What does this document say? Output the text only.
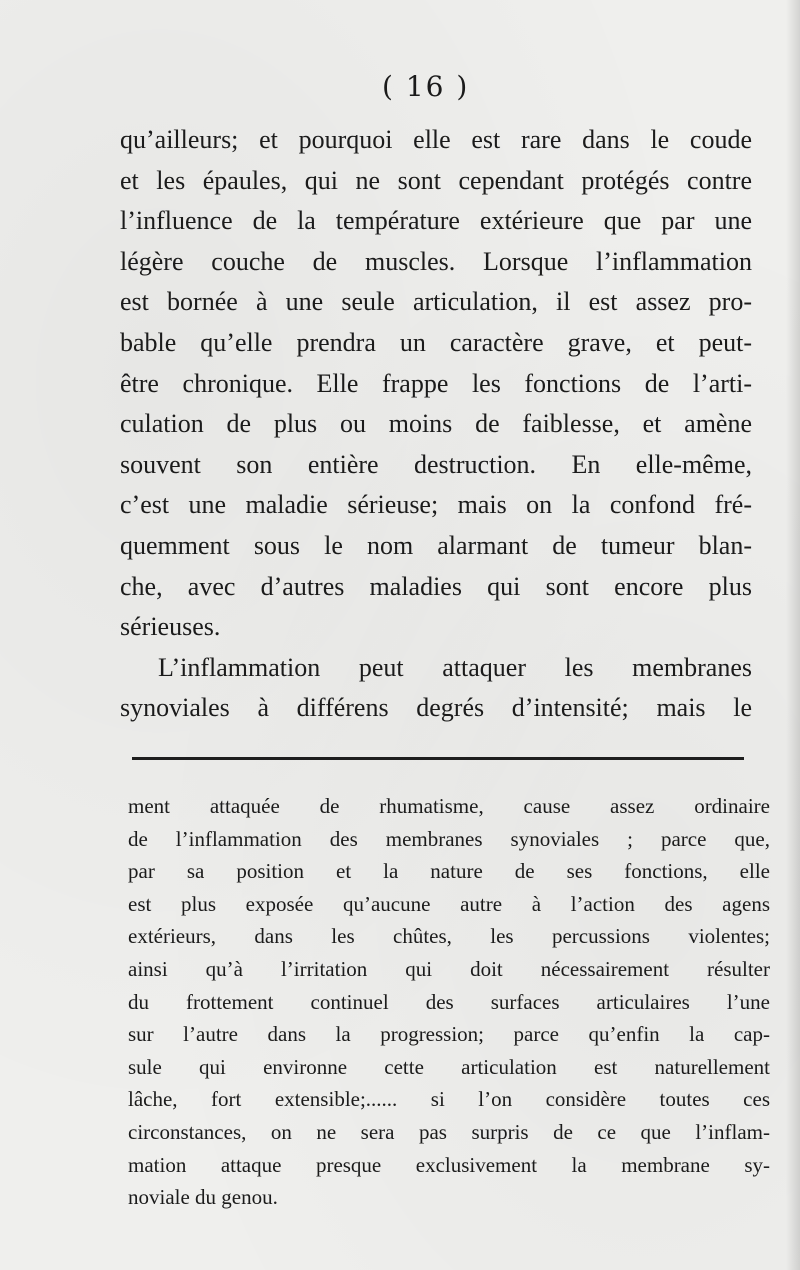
( 16 )
qu’ailleurs; et pourquoi elle est rare dans le coude
et les épaules, qui ne sont cependant protégés contre
l’influence de la température extérieure que par une
légère couche de muscles. Lorsque l’inflammation
est bornée à une seule articulation, il est assez pro-
bable qu’elle prendra un caractère grave, et peut-
être chronique. Elle frappe les fonctions de l’arti-
culation de plus ou moins de faiblesse, et amène
souvent son entière destruction. En elle-même,
c’est une maladie sérieuse; mais on la confond fré-
quemment sous le nom alarmant de tumeur blan-
che, avec d’autres maladies qui sont encore plus
sérieuses.
L’inflammation peut attaquer les membranes
synoviales à différens degrés d’intensité; mais le
ment attaquée de rhumatisme, cause assez ordinaire
de l’inflammation des membranes synoviales ; parce que,
par sa position et la nature de ses fonctions, elle
est plus exposée qu’aucune autre à l’action des agens
extérieurs, dans les chûtes, les percussions violentes;
ainsi qu’à l’irritation qui doit nécessairement résulter
du frottement continuel des surfaces articulaires l’une
sur l’autre dans la progression; parce qu’enfin la cap-
sule qui environne cette articulation est naturellement
lâche, fort extensible;...... si l’on considère toutes ces
circonstances, on ne sera pas surpris de ce que l’inflam-
mation attaque presque exclusivement la membrane sy-
noviale du genou.
